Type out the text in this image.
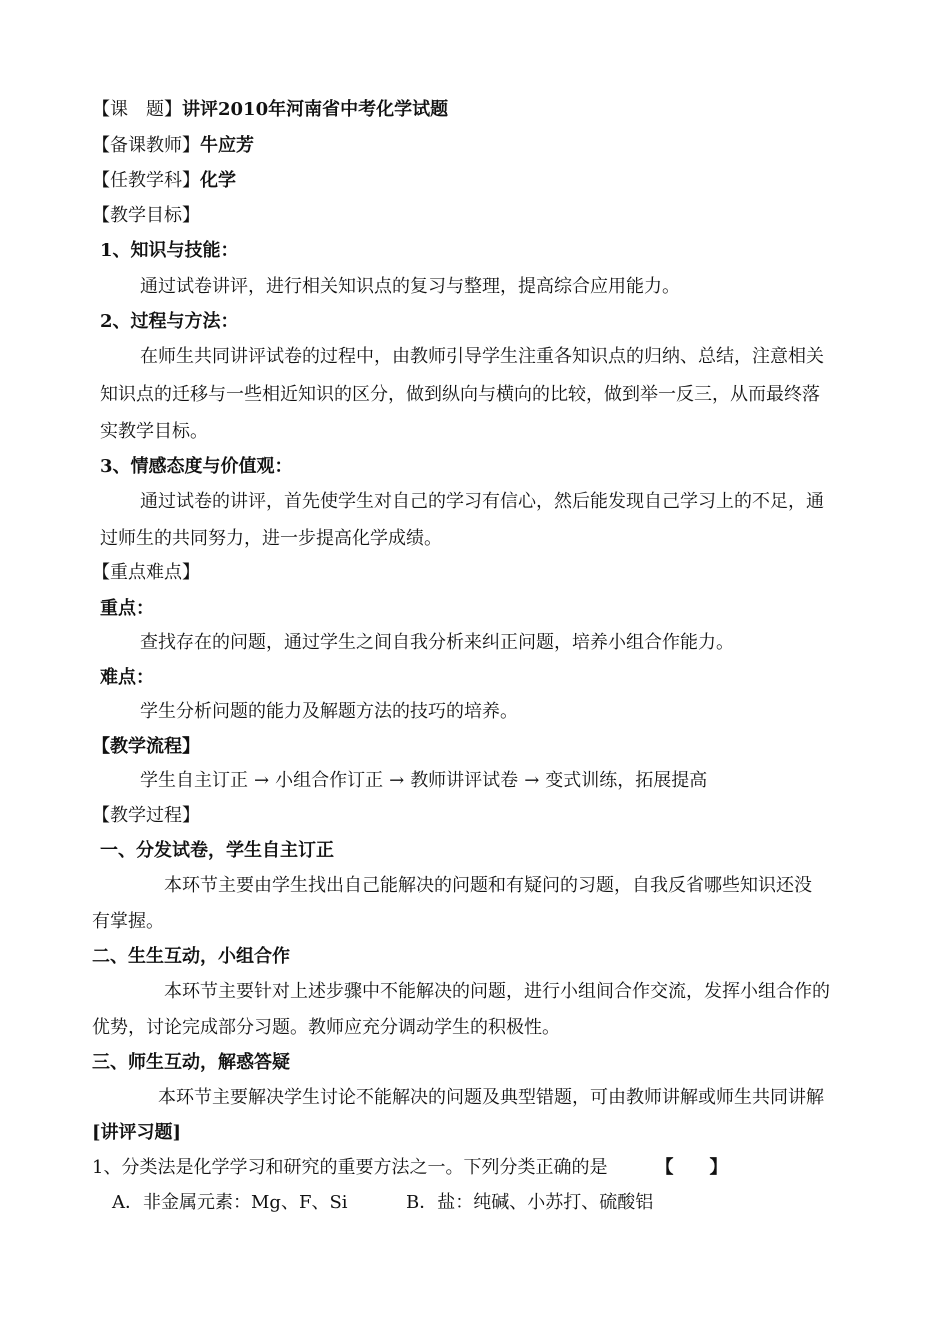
【课　题】讲评2010年河南省中考化学试题
【备课教师】牛应芳
【任教学科】化学
【教学目标】
1、知识与技能：
通过试卷讲评，进行相关知识点的复习与整理，提高综合应用能力。
2、过程与方法：
在师生共同讲评试卷的过程中，由教师引导学生注重各知识点的归纳、总结，注意相关
知识点的迁移与一些相近知识的区分，做到纵向与横向的比较，做到举一反三，从而最终落
实教学目标。
3、情感态度与价值观：
通过试卷的讲评，首先使学生对自己的学习有信心，然后能发现自己学习上的不足，通
过师生的共同努力，进一步提高化学成绩。
【重点难点】
重点：
查找存在的问题，通过学生之间自我分析来纠正问题，培养小组合作能力。
难点：
学生分析问题的能力及解题方法的技巧的培养。
【教学流程】
学生自主订正 → 小组合作订正 → 教师讲评试卷 → 变式训练，拓展提高
【教学过程】
一、分发试卷，学生自主订正
本环节主要由学生找出自己能解决的问题和有疑问的习题，自我反省哪些知识还没
有掌握。
二、生生互动，小组合作
本环节主要针对上述步骤中不能解决的问题，进行小组间合作交流，发挥小组合作的
优势，讨论完成部分习题。教师应充分调动学生的积极性。
三、师生互动，解惑答疑
本环节主要解决学生讨论不能解决的问题及典型错题，可由教师讲解或师生共同讲解
[讲评习题]
1、分类法是化学学习和研究的重要方法之一。下列分类正确的是	【　　】
A．非金属元素：Mg、F、Si	B．盐：纯碱、小苏打、硫酸铝
